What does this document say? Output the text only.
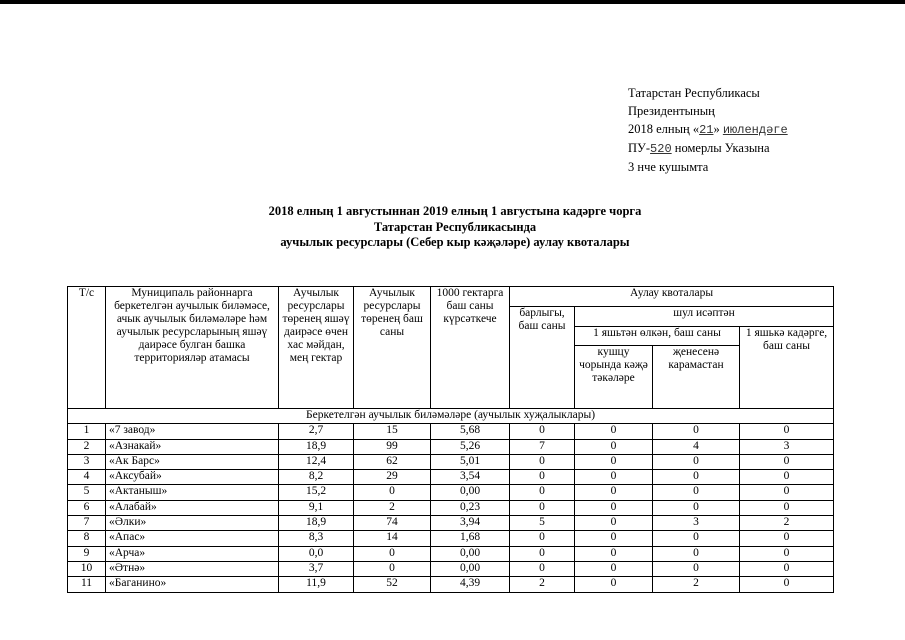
Татарстан Республикасы
Президентының
2018 елның «21» июлендәге
ПУ-520 номерлы Указына
3 нче кушымта
2018 елның 1 августыннан 2019 елның 1 августына кадәрге чорга
Татарстан Республикасында
аучылык ресурслары (Себер кыр кәҗәләре) аулау квоталары
Т/с	Муниципаль районнарга беркетелгән аучылык биләмәсе, ачык аучылык биләмәләре һәм аучылык ресурсларының яшәү даирәсе булган башка территорияләр атамасы	Аучылык ресурслары төренең яшәү даирәсе өчен хас мәйдан, мең гектар	Аучылык ресурслары төренең баш саны	1000 гектарга баш саны күрсәткече	Аулау квоталары			
					барлыгы, баш саны	шул исәптән		
						1 яшьтән өлкән, баш саны		1 яшькә кадәрге, баш саны
						кушцу чорында кәҗә тәкәләре	җенесенә карамастан	
Беркетелгән аучылык биләмәләре (аучылык хуҗалыклары)								
1	«7 завод»	2,7	15	5,68	0	0	0	0
2	«Азнакай»	18,9	99	5,26	7	0	4	3
3	«Ак Барс»	12,4	62	5,01	0	0	0	0
4	«Аксубай»	8,2	29	3,54	0	0	0	0
5	«Актаныш»	15,2	0	0,00	0	0	0	0
6	«Алабай»	9,1	2	0,23	0	0	0	0
7	«Әлки»	18,9	74	3,94	5	0	3	2
8	«Апас»	8,3	14	1,68	0	0	0	0
9	«Арча»	0,0	0	0,00	0	0	0	0
10	«Әтнә»	3,7	0	0,00	0	0	0	0
11	«Баганино»	11,9	52	4,39	2	0	2	0
